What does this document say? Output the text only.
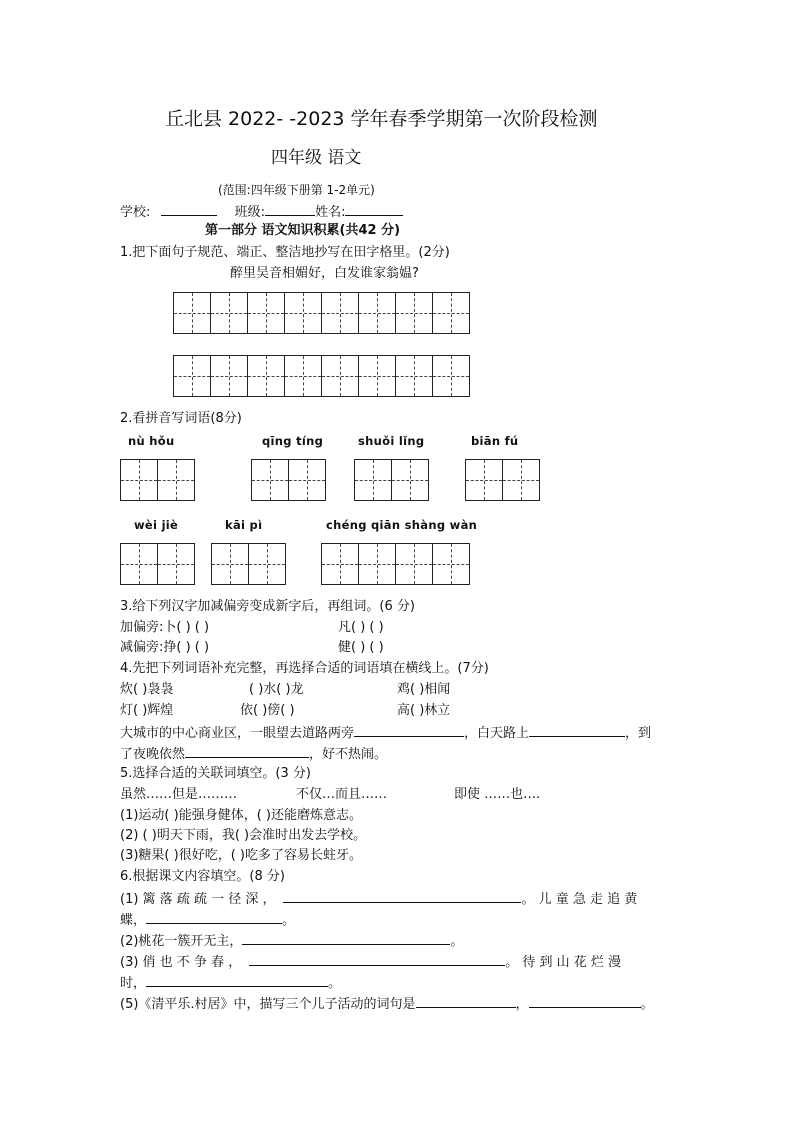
丘北县 2022- -2023 学年春季学期第一次阶段检测
四年级 语文
(范围:四年级下册第 1-2单元)
学校:	班级:	姓名:
第一部分 语文知识积累(共42 分)
1.把下面句子规范、端正、整洁地抄写在田字格里。(2分)
醉里吴音相媚好，白发谁家翁媪?
2.看拼音写词语(8分)
nù hǒu	qīng tíng	shuǒi lǐng	biān fú
wèi jiè	kāi pì	chéng qiān shàng wàn
3.给下列汉字加减偏旁变成新字后，再组词。(6 分)
加偏旁:卜( ) ( )	凡( ) ( )
减偏旁:挣( ) ( )	健( ) ( )
4.先把下列词语补充完整，再选择合适的词语填在横线上。(7分)
炊( )袅袅	( )水( )龙	鸡( )相闻
灯( )辉煌	依( )傍( )	高( )林立
大城市的中心商业区，一眼望去道路两旁	，白天路上	，到
了夜晚依然	，好不热闹。
5.选择合适的关联词填空。(3 分)
虽然……但是………	不仅…而且……	即使 ……也….
(1)运动( )能强身健体，( )还能磨炼意志。
(2) ( )明天下雨，我( )会准时出发去学校。
(3)糖果( )很好吃，( )吃多了容易长蛀牙。
6.根据课文内容填空。(8 分)
(1) 篱 落 疏 疏 一 径 深 ，	。 儿 童 急 走 追 黄
蝶，	。
(2)桃花一簇开无主，	。
(3) 俏 也 不 争 春 ，	。 待 到 山 花 烂 漫
时，	。
(5)《清平乐.村居》中，描写三个儿子活动的词句是	，	。
